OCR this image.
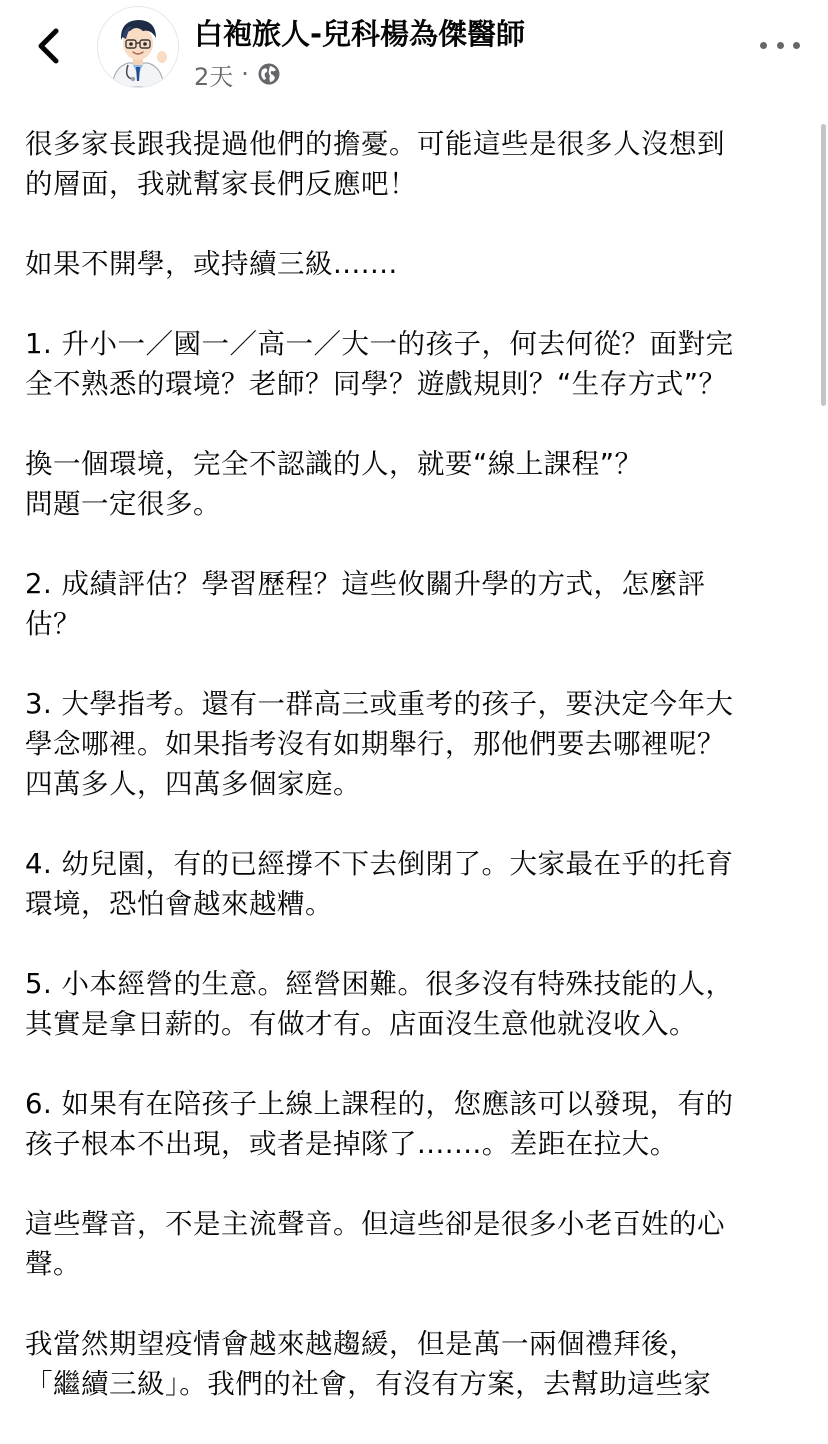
白袍旅人-兒科楊為傑醫師
2天 ·

很多家長跟我提過他們的擔憂。可能這些是很多人沒想到
的層面，我就幫家長們反應吧！

如果不開學，或持續三級.......

1. 升小一／國一／高一／大一的孩子，何去何從？面對完
全不熟悉的環境？老師？同學？遊戲規則？“生存方式”？

換一個環境，完全不認識的人，就要“線上課程”？
問題一定很多。

2. 成績評估？學習歷程？這些攸關升學的方式，怎麼評
估？

3. 大學指考。還有一群高三或重考的孩子，要決定今年大
學念哪裡。如果指考沒有如期舉行，那他們要去哪裡呢？
四萬多人，四萬多個家庭。

4. 幼兒園，有的已經撐不下去倒閉了。大家最在乎的托育
環境，恐怕會越來越糟。

5. 小本經營的生意。經營困難。很多沒有特殊技能的人，
其實是拿日薪的。有做才有。店面沒生意他就沒收入。

6. 如果有在陪孩子上線上課程的，您應該可以發現，有的
孩子根本不出現，或者是掉隊了.......。差距在拉大。

這些聲音，不是主流聲音。但這些卻是很多小老百姓的心
聲。

我當然期望疫情會越來越趨緩，但是萬一兩個禮拜後，
「繼續三級」。我們的社會，有沒有方案，去幫助這些家
